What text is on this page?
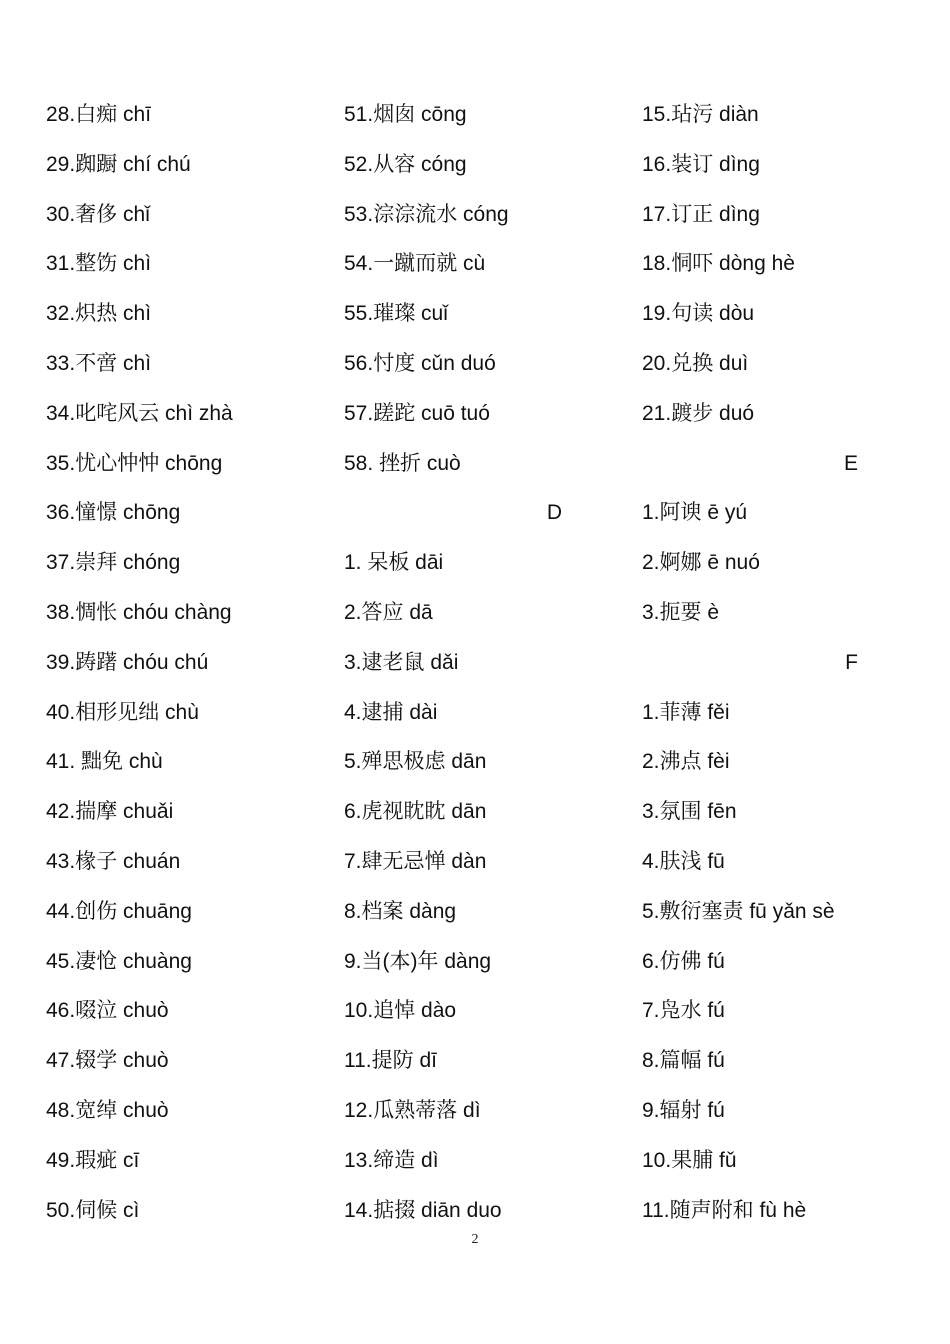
28.白痴 chī
29.踟蹰 chí chú
30.奢侈 chǐ
31.整饬 chì
32.炽热 chì
33.不啻 chì
34.叱咤风云 chì zhà
35.忧心忡忡 chōng
36.憧憬 chōng
37.崇拜 chóng
38.惆怅 chóu chàng
39.踌躇 chóu chú
40.相形见绌 chù
41. 黜免 chù
42.揣摩 chuǎi
43.椽子 chuán
44.创伤 chuāng
45.凄怆 chuàng
46.啜泣 chuò
47.辍学 chuò
48.宽绰 chuò
49.瑕疵 cī
50.伺候 cì
51.烟囱 cōng
52.从容 cóng
53.淙淙流水 cóng
54.一蹴而就 cù
55.璀璨 cuǐ
56.忖度 cǔn duó
57.蹉跎 cuō tuó
58. 挫折 cuò
D
1. 呆板 dāi
2.答应 dā
3.逮老鼠 dǎi
4.逮捕 dài
5.殚思极虑 dān
6.虎视眈眈 dān
7.肆无忌惮 dàn
8.档案 dàng
9.当(本)年 dàng
10.追悼 dào
11.提防 dī
12.瓜熟蒂落 dì
13.缔造 dì
14.掂掇 diān duo
15.玷污 diàn
16.装订 dìng
17.订正 dìng
18.恫吓 dòng hè
19.句读 dòu
20.兑换 duì
21.踱步 duó
E
1.阿谀 ē yú
2.婀娜 ē nuó
3.扼要 è
F
1.菲薄 fěi
2.沸点 fèi
3.氛围 fēn
4.肤浅 fū
5.敷衍塞责 fū yǎn sè
6.仿佛 fú
7.凫水 fú
8.篇幅 fú
9.辐射 fú
10.果脯 fǔ
11.随声附和 fù hè
2
